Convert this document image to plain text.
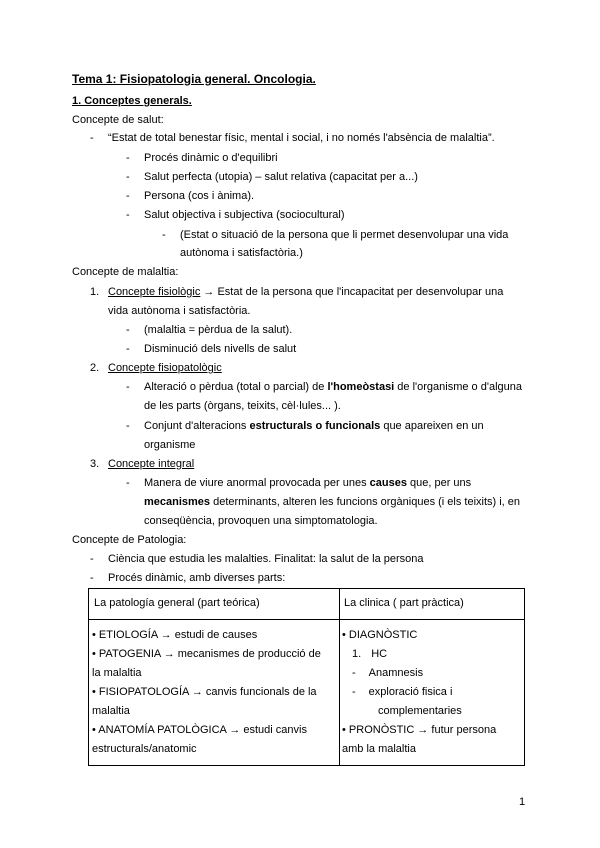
Tema 1: Fisiopatologia general. Oncologia.
1. Conceptes generals.
Concepte de salut:
- “Estat de total benestar físic, mental i social, i no només l'absència de malaltia”.
- Procés dinàmic o d'equilibri
- Salut perfecta (utopia) – salut relativa (capacitat per a...)
- Persona (cos i ànima).
- Salut objectiva i subjectiva (sociocultural)
- (Estat o situació de la persona que li permet desenvolupar una vida
autònoma i satisfactòria.)
Concepte de malaltia:
1. Concepte fisiològic → Estat de la persona que l'incapacitat per desenvolupar una
vida autònoma i satisfactòria.
- (malaltia = pèrdua de la salut).
- Disminució dels nivells de salut
2. Concepte fisiopatològic
- Alteració o pèrdua (total o parcial) de l'homeòstasi de l'organisme o d'alguna
de les parts (òrgans, teixits, cèl·lules... ).
- Conjunt d'alteracions estructurals o funcionals que apareixen en un
organisme
3. Concepte integral
- Manera de viure anormal provocada per unes causes que, per uns
mecanismes determinants, alteren les funcions orgàniques (i els teixits) i, en
conseqüència, provoquen una simptomatologia.
Concepte de Patologia:
- Ciència que estudia les malalties. Finalitat: la salut de la persona
- Procés dinàmic, amb diverses parts:
La patología general (part teórica)	La clinica ( part pràctica)
• ETIOLOGÍA → estudi de causes
• PATOGENIA → mecanismes de producció de
la malaltia
• FISIOPATOLOGÍA → canvis funcionals de la
malaltia
• ANATOMÍA PATOLÒGICA → estudi canvis
estructurals/anatomic
• DIAGNÒSTIC
1. HC
- Anamnesis
- exploració fisica i
complementaries
• PRONÒSTIC → futur persona
amb la malaltia
1
